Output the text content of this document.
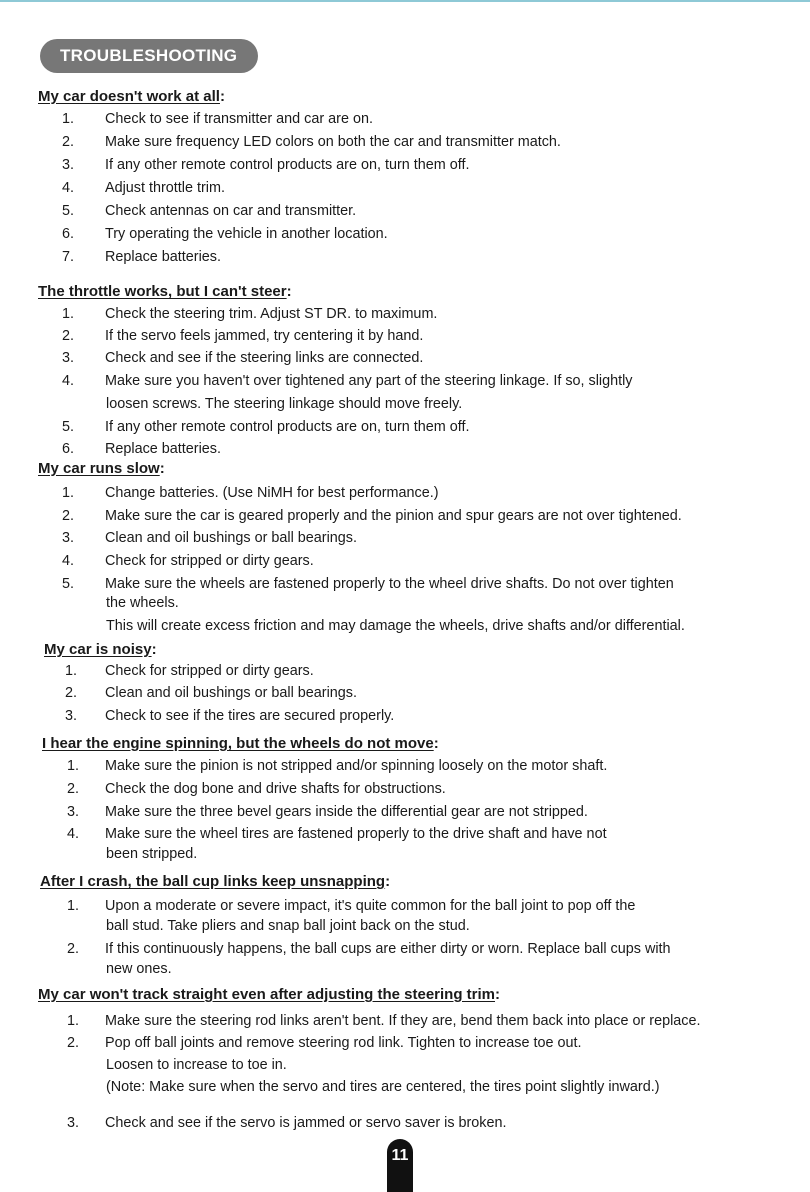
TROUBLESHOOTING
My car doesn't work at all:
1. Check to see if transmitter and car are on.
2. Make sure frequency LED colors on both the car and transmitter match.
3. If any other remote control products are on, turn them off.
4. Adjust throttle trim.
5. Check antennas on car and transmitter.
6. Try operating the vehicle in another location.
7. Replace batteries.
The throttle works, but I can't steer:
1. Check the steering trim. Adjust ST DR. to maximum.
2. If the servo feels jammed, try centering it by hand.
3. Check and see if the steering links are connected.
4. Make sure you haven't over tightened any part of the steering linkage. If so, slightly
loosen screws. The steering linkage should move freely.
5. If any other remote control products are on, turn them off.
6. Replace batteries.
My car runs slow:
1. Change batteries. (Use NiMH for best performance.)
2. Make sure the car is geared properly and the pinion and spur gears are not over tightened.
3. Clean and oil bushings or ball bearings.
4. Check for stripped or dirty gears.
5. Make sure the wheels are fastened properly to the wheel drive shafts. Do not over tighten
the wheels.
This will create excess friction and may damage the wheels, drive shafts and/or differential.
My car is noisy:
1. Check for stripped or dirty gears.
2. Clean and oil bushings or ball bearings.
3. Check to see if the tires are secured properly.
I hear the engine spinning, but the wheels do not move:
1. Make sure the pinion is not stripped and/or spinning loosely on the motor shaft.
2. Check the dog bone and drive shafts for obstructions.
3. Make sure the three bevel gears inside the differential gear are not stripped.
4. Make sure the wheel tires are fastened properly to the drive shaft and have not
been stripped.
After I crash, the ball cup links keep unsnapping:
1. Upon a moderate or severe impact, it's quite common for the ball joint to pop off the
ball stud. Take pliers and snap ball joint back on the stud.
2. If this continuously happens, the ball cups are either dirty or worn. Replace ball cups with
new ones.
My car won't track straight even after adjusting the steering trim:
1. Make sure the steering rod links aren't bent. If they are, bend them back into place or replace.
2. Pop off ball joints and remove steering rod link. Tighten to increase toe out.
Loosen to increase to toe in.
(Note: Make sure when the servo and tires are centered, the tires point slightly inward.)
3. Check and see if the servo is jammed or servo saver is broken.
11
